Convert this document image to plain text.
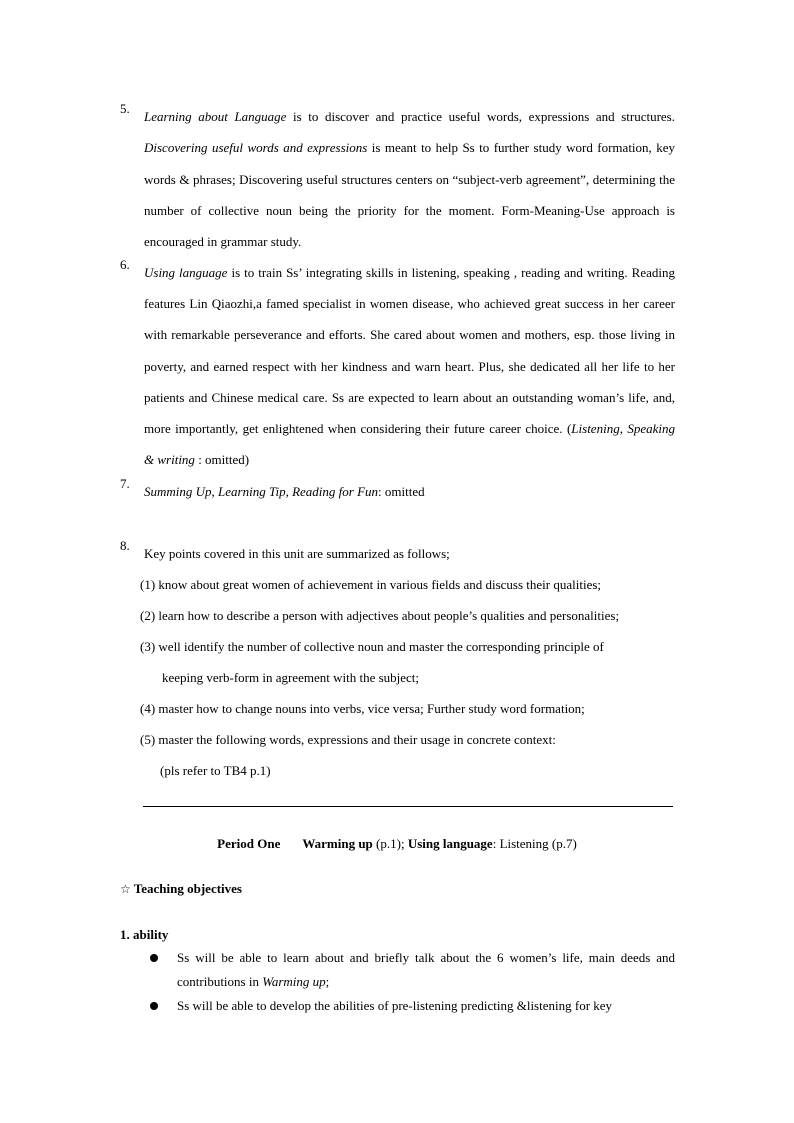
5.
Learning about Language is to discover and practice useful words, expressions and structures. Discovering useful words and expressions is meant to help Ss to further study word formation, key words & phrases; Discovering useful structures centers on “subject-verb agreement”, determining the number of collective noun being the priority for the moment. Form-Meaning-Use approach is encouraged in grammar study.
6.
Using language is to train Ss’ integrating skills in listening, speaking , reading and writing. Reading features Lin Qiaozhi,a famed specialist in women disease, who achieved great success in her career with remarkable perseverance and efforts. She cared about women and mothers, esp. those living in poverty, and earned respect with her kindness and warn heart. Plus, she dedicated all her life to her patients and Chinese medical care. Ss are expected to learn about an outstanding woman’s life, and, more importantly, get enlightened when considering their future career choice. (Listening, Speaking & writing : omitted)
7.
Summing Up, Learning Tip, Reading for Fun: omitted
8.
Key points covered in this unit are summarized as follows;
(1) know about great women of achievement in various fields and discuss their qualities;
(2) learn how to describe a person with adjectives about people’s qualities and personalities;
(3) well identify the number of collective noun and master the corresponding principle of
keeping verb-form in agreement with the subject;
(4) master how to change nouns into verbs, vice versa; Further study word formation;
(5) master the following words, expressions and their usage in concrete context:
(pls refer to TB4 p.1)
Period One Warming up (p.1); Using language: Listening (p.7)
☆ Teaching objectives
1. ability
Ss will be able to learn about and briefly talk about the 6 women’s life, main deeds and contributions in Warming up;
Ss will be able to develop the abilities of pre-listening predicting &listening for key
